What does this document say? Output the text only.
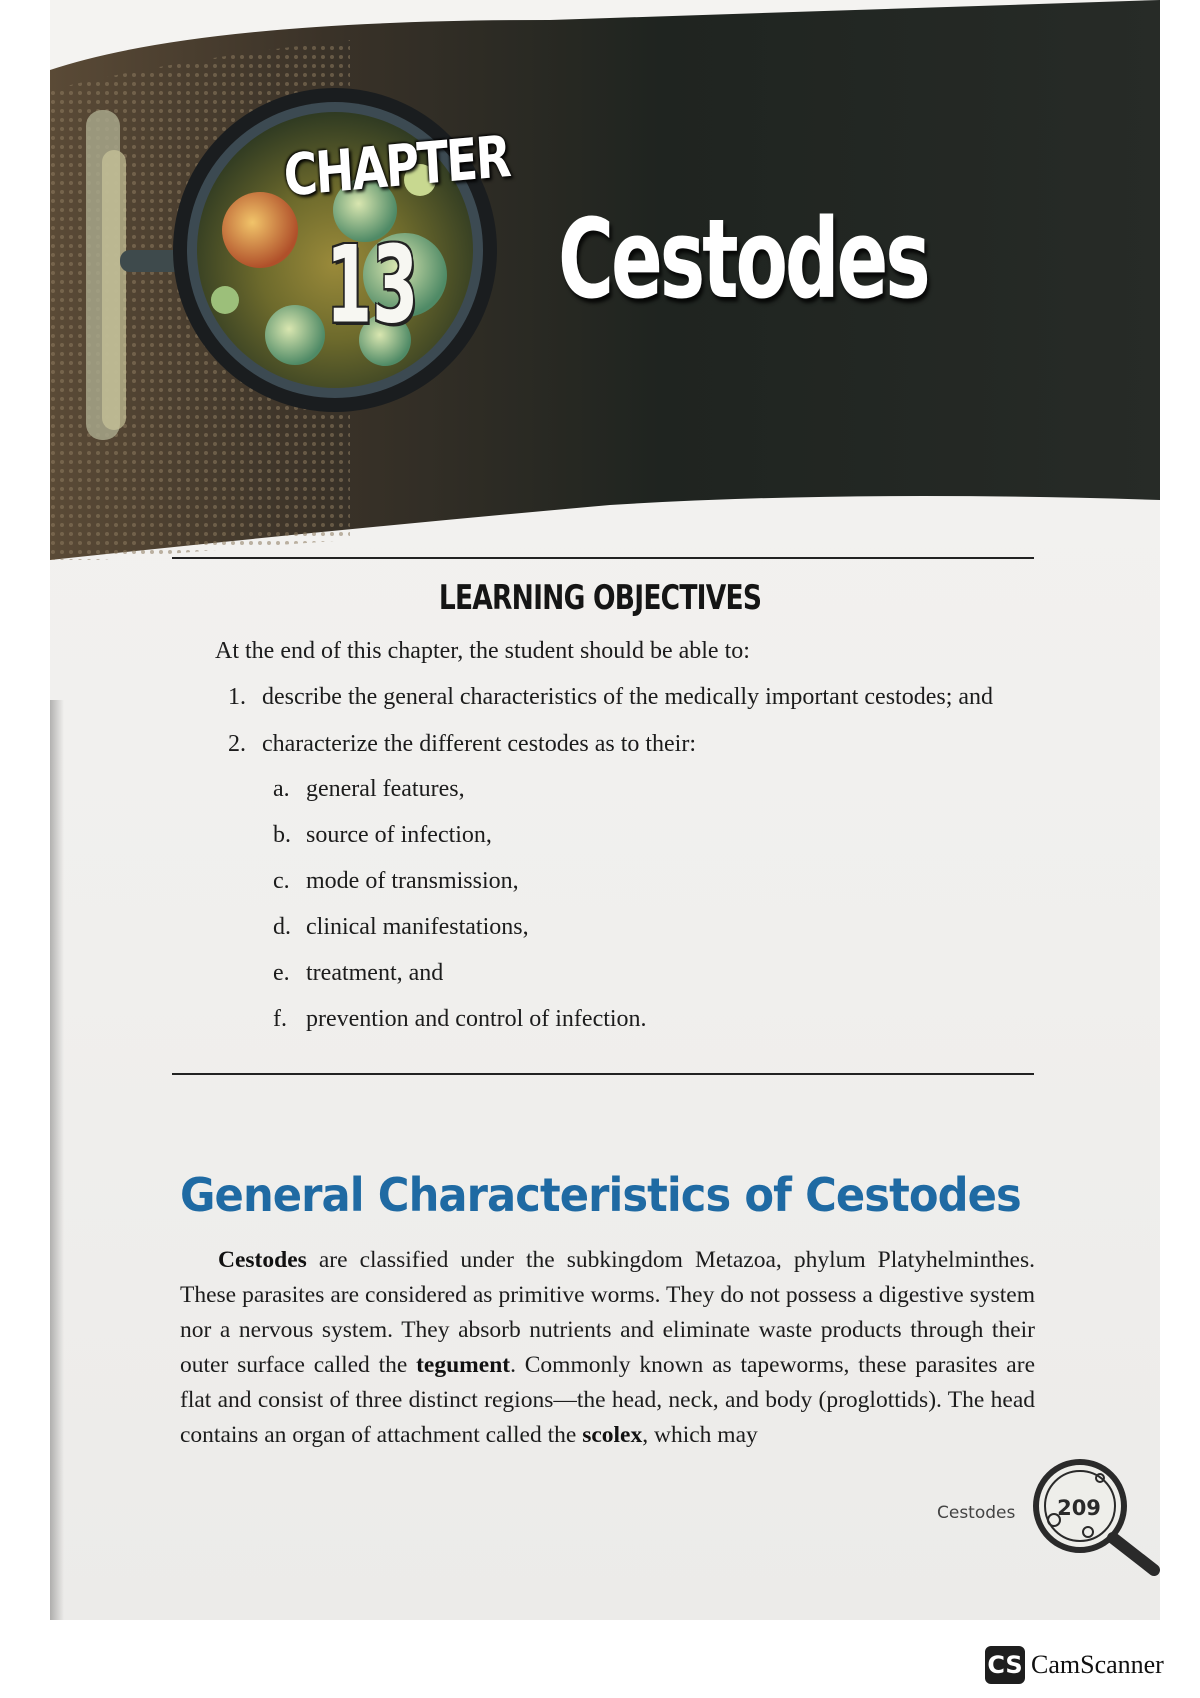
CHAPTER
13 Cestodes
LEARNING OBJECTIVES
At the end of this chapter, the student should be able to:
1. describe the general characteristics of the medically important cestodes; and
2. characterize the different cestodes as to their:
a. general features,
b. source of infection,
c. mode of transmission,
d. clinical manifestations,
e. treatment, and
f. prevention and control of infection.
General Characteristics of Cestodes
Cestodes are classified under the subkingdom Metazoa, phylum Platyhelminthes. These parasites are considered as primitive worms. They do not possess a digestive system nor a nervous system. They absorb nutrients and eliminate waste products through their outer surface called the tegument. Commonly known as tapeworms, these parasites are flat and consist of three distinct regions—the head, neck, and body (proglottids). The head contains an organ of attachment called the scolex, which may
Cestodes	209
CS CamScanner
